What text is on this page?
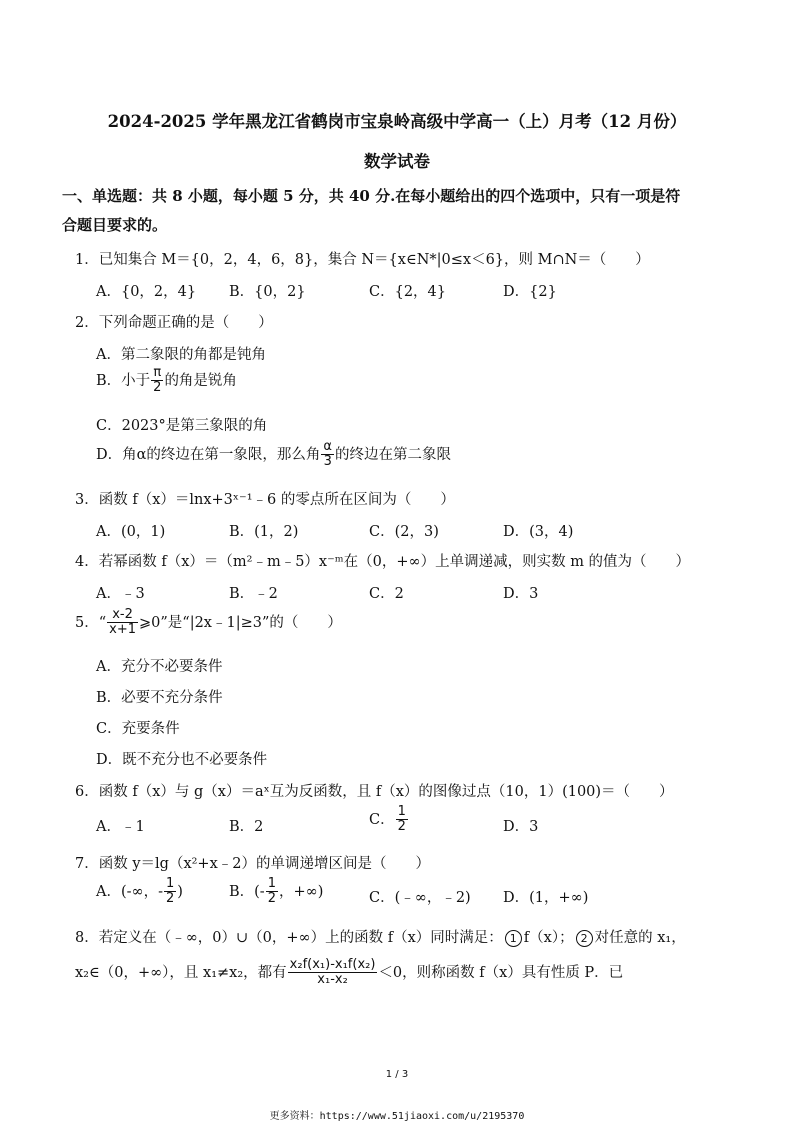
2024-2025 学年黑龙江省鹤岗市宝泉岭高级中学高一（上）月考（12 月份）
数学试卷
一、单选题：共 8 小题，每小题 5 分，共 40 分.在每小题给出的四个选项中，只有一项是符
合题目要求的。
1．已知集合 M＝{0，2，4，6，8}，集合 N＝{x∈N*|0≤x＜6}，则 M∩N＝（　　）
A．{0，2，4} B．{0，2}	C．{2，4}	D．{2}
2．下列命题正确的是（　　）
A．第二象限的角都是钝角
B．小于 $\frac{\pi}{2}$ 的角是锐角
C．2023°是第三象限的角
D．角α的终边在第一象限，那么角 $\frac{\alpha}{3}$ 的终边在第二象限
3．函数 f（x）＝lnx+3ˣ⁻¹﹣6 的零点所在区间为（　　）
A．(0，1)	B．(1，2)	C．(2，3)	D．(3，4)
4．若幂函数 f（x）＝（m²﹣m﹣5）x⁻ᵐ在（0，+∞）上单调递减，则实数 m 的值为（　　）
A．﹣3	B．﹣2	C．2	D．3
5．“ $\frac{x-2}{x+1}$ ⩾0”是“|2x﹣1|≥3”的（　　）
A．充分不必要条件
B．必要不充分条件
C．充要条件
D．既不充分也不必要条件
6．函数 f（x）与 g（x）＝aˣ互为反函数，且 f（x）的图像过点（10，1）(100)＝（　　）
A．﹣1	B．2	C． $\frac{1}{2}$	D．3
7．函数 y＝lg（x²+x﹣2）的单调递增区间是（　　）
A．(-∞，- $\frac{1}{2}$ )	B．(- $\frac{1}{2}$ ，+∞)	C．(﹣∞，﹣2) D．(1，+∞)
8．若定义在（﹣∞，0）∪（0，+∞）上的函数 f（x）同时满足： 1 f（x）； 2 对任意的 x₁，
x₂∈（0，+∞），且 x₁≠x₂，都有 $\frac{\text{x₂f(x₁)-x₁f(x₂)}}{\text{x₁-x₂}} <0$，则称函数 f（x）具有性质 P．已
1 / 3
更多资料：https://www.51jiaoxi.com/u/2195370
